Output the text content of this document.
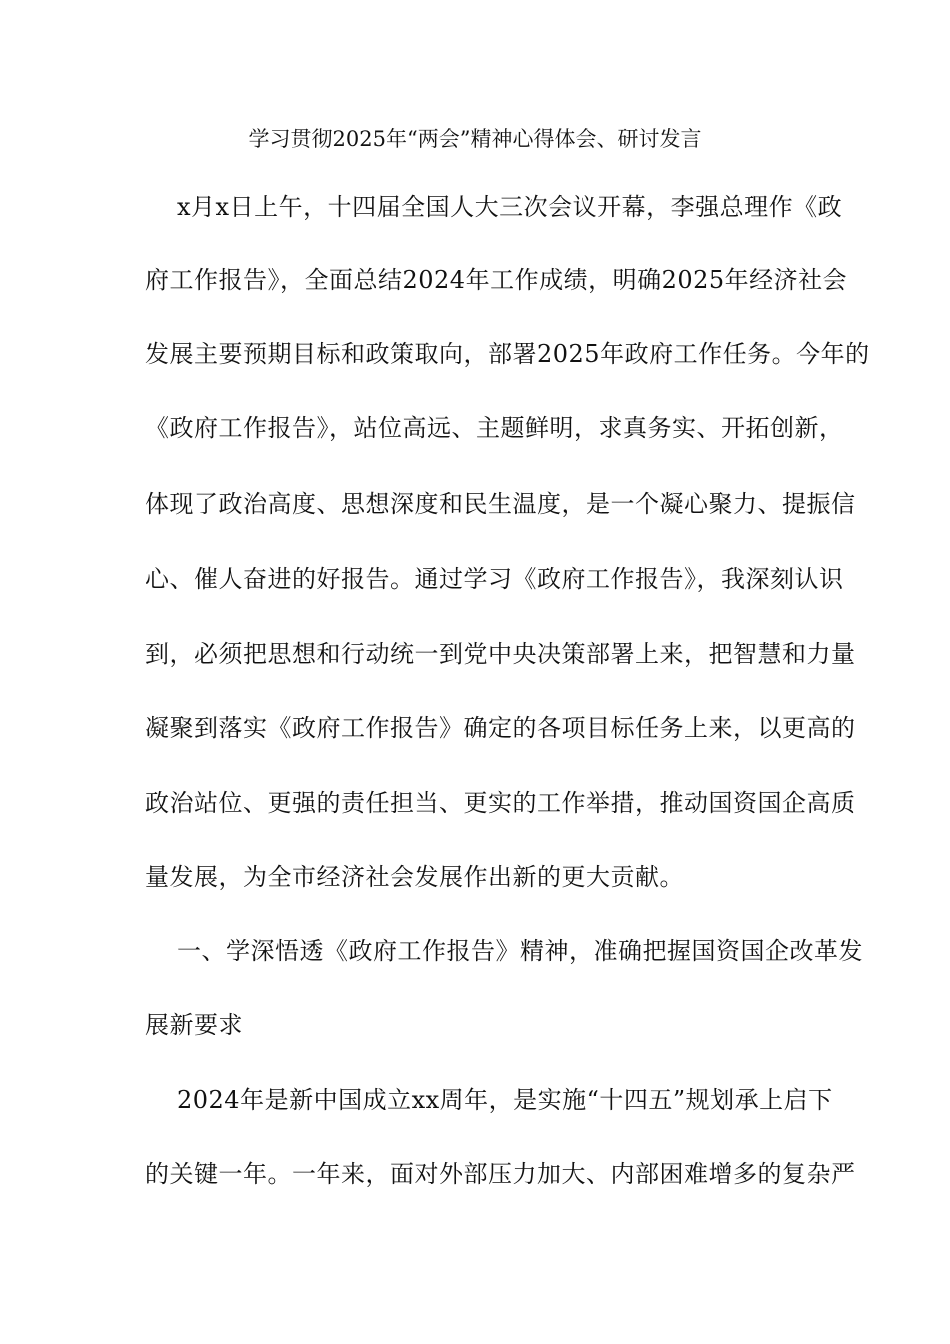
学习贯彻2025年“两会”精神心得体会、研讨发言
x月x日上午，十四届全国人大三次会议开幕，李强总理作《政
府工作报告》，全面总结2024年工作成绩，明确2025年经济社会
发展主要预期目标和政策取向，部署2025年政府工作任务。今年的
《政府工作报告》，站位高远、主题鲜明，求真务实、开拓创新，
体现了政治高度、思想深度和民生温度，是一个凝心聚力、提振信
心、催人奋进的好报告。通过学习《政府工作报告》，我深刻认识
到，必须把思想和行动统一到党中央决策部署上来，把智慧和力量
凝聚到落实《政府工作报告》确定的各项目标任务上来，以更高的
政治站位、更强的责任担当、更实的工作举措，推动国资国企高质
量发展，为全市经济社会发展作出新的更大贡献。
一、学深悟透《政府工作报告》精神，准确把握国资国企改革发
展新要求
2024年是新中国成立xx周年，是实施“十四五”规划承上启下
的关键一年。一年来，面对外部压力加大、内部困难增多的复杂严
